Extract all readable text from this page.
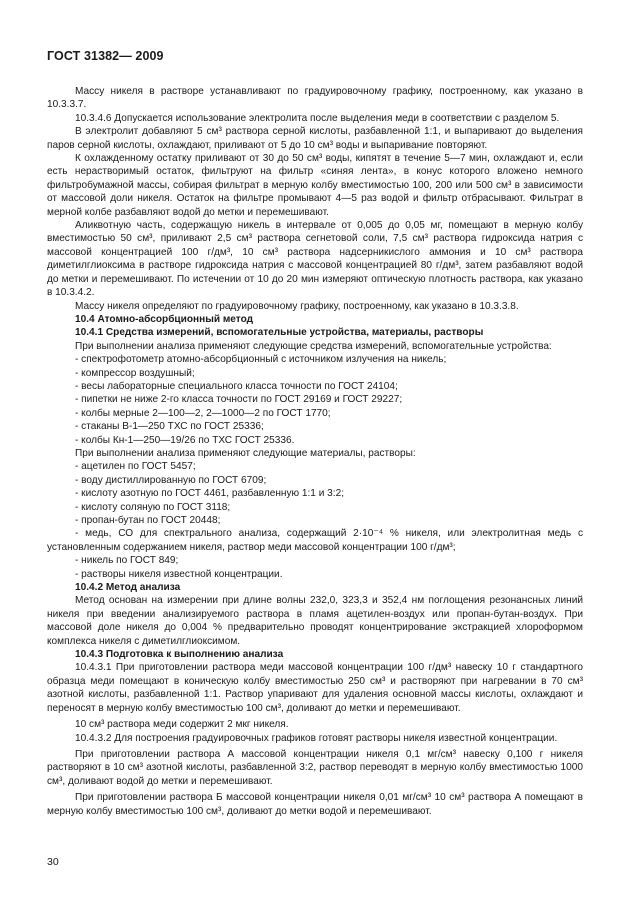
ГОСТ 31382— 2009
Массу никеля в растворе устанавливают по градуировочному графику, построенному, как указано в 10.3.3.7.
10.3.4.6 Допускается использование электролита после выделения меди в соответствии с разделом 5.
В электролит добавляют 5 см³ раствора серной кислоты, разбавленной 1:1, и выпаривают до выделения паров серной кислоты, охлаждают, приливают от 5 до 10 см³ воды и выпаривание повторяют.
К охлажденному остатку приливают от 30 до 50 см³ воды, кипятят в течение 5—7 мин, охлаждают и, если есть нерастворимый остаток, фильтруют на фильтр «синяя лента», в конус которого вложено немного фильтробумажной массы, собирая фильтрат в мерную колбу вместимостью 100, 200 или 500 см³ в зависимости от массовой доли никеля. Остаток на фильтре промывают 4—5 раз водой и фильтр отбрасывают. Фильтрат в мерной колбе разбавляют водой до метки и перемешивают.
Аликвотную часть, содержащую никель в интервале от 0,005 до 0,05 мг, помещают в мерную колбу вместимостью 50 см³, приливают 2,5 см³ раствора сегнетовой соли, 7,5 см³ раствора гидроксида натрия с массовой концентрацией 100 г/дм³, 10 см³ раствора надсерникислого аммония и 10 см³ раствора диметилглиоксима в растворе гидроксида натрия с массовой концентрацией 80 г/дм³, затем разбавляют водой до метки и перемешивают. По истечении от 10 до 20 мин измеряют оптическую плотность раствора, как указано в 10.3.4.2.
Массу никеля определяют по градуировочному графику, построенному, как указано в 10.3.3.8.
10.4 Атомно-абсорбционный метод
10.4.1 Средства измерений, вспомогательные устройства, материалы, растворы
При выполнении анализа применяют следующие средства измерений, вспомогательные устройства:
- спектрофотометр атомно-абсорбционный с источником излучения на никель;
- компрессор воздушный;
- весы лабораторные специального класса точности по ГОСТ 24104;
- пипетки не ниже 2-го класса точности по ГОСТ 29169 и ГОСТ 29227;
- колбы мерные 2—100—2, 2—1000—2 по ГОСТ 1770;
- стаканы В-1—250 ТХС по ГОСТ 25336;
- колбы Кн-1—250—19/26 по ТХС ГОСТ 25336.
При выполнении анализа применяют следующие материалы, растворы:
- ацетилен по ГОСТ 5457;
- воду дистиллированную по ГОСТ 6709;
- кислоту азотную по ГОСТ 4461, разбавленную 1:1 и 3:2;
- кислоту соляную по ГОСТ 3118;
- пропан-бутан по ГОСТ 20448;
- медь, СО для спектрального анализа, содержащий 2·10⁻⁴ % никеля, или электролитная медь с установленным содержанием никеля, раствор меди массовой концентрации 100 г/дм³;
- никель по ГОСТ 849;
- растворы никеля известной концентрации.
10.4.2 Метод анализа
Метод основан на измерении при длине волны 232,0, 323,3 и 352,4 нм поглощения резонансных линий никеля при введении анализируемого раствора в пламя ацетилен-воздух или пропан-бутан-воздух. При массовой доле никеля до 0,004 % предварительно проводят концентрирование экстракцией хлороформом комплекса никеля с диметилглиоксимом.
10.4.3 Подготовка к выполнению анализа
10.4.3.1 При приготовлении раствора меди массовой концентрации 100 г/дм³ навеску 10 г стандартного образца меди помещают в коническую колбу вместимостью 250 см³ и растворяют при нагревании в 70 см³ азотной кислоты, разбавленной 1:1. Раствор упаривают для удаления основной массы кислоты, охлаждают и переносят в мерную колбу вместимостью 100 см³, доливают до метки и перемешивают.
10 см³ раствора меди содержит 2 мкг никеля.
10.4.3.2 Для построения градуировочных графиков готовят растворы никеля известной концентрации.
При приготовлении раствора А массовой концентрации никеля 0,1 мг/см³ навеску 0,100 г никеля растворяют в 10 см³ азотной кислоты, разбавленной 3:2, раствор переводят в мерную колбу вместимостью 1000 см³, доливают водой до метки и перемешивают.
При приготовлении раствора Б массовой концентрации никеля 0,01 мг/см³ 10 см³ раствора А помещают в мерную колбу вместимостью 100 см³, доливают до метки водой и перемешивают.
30
